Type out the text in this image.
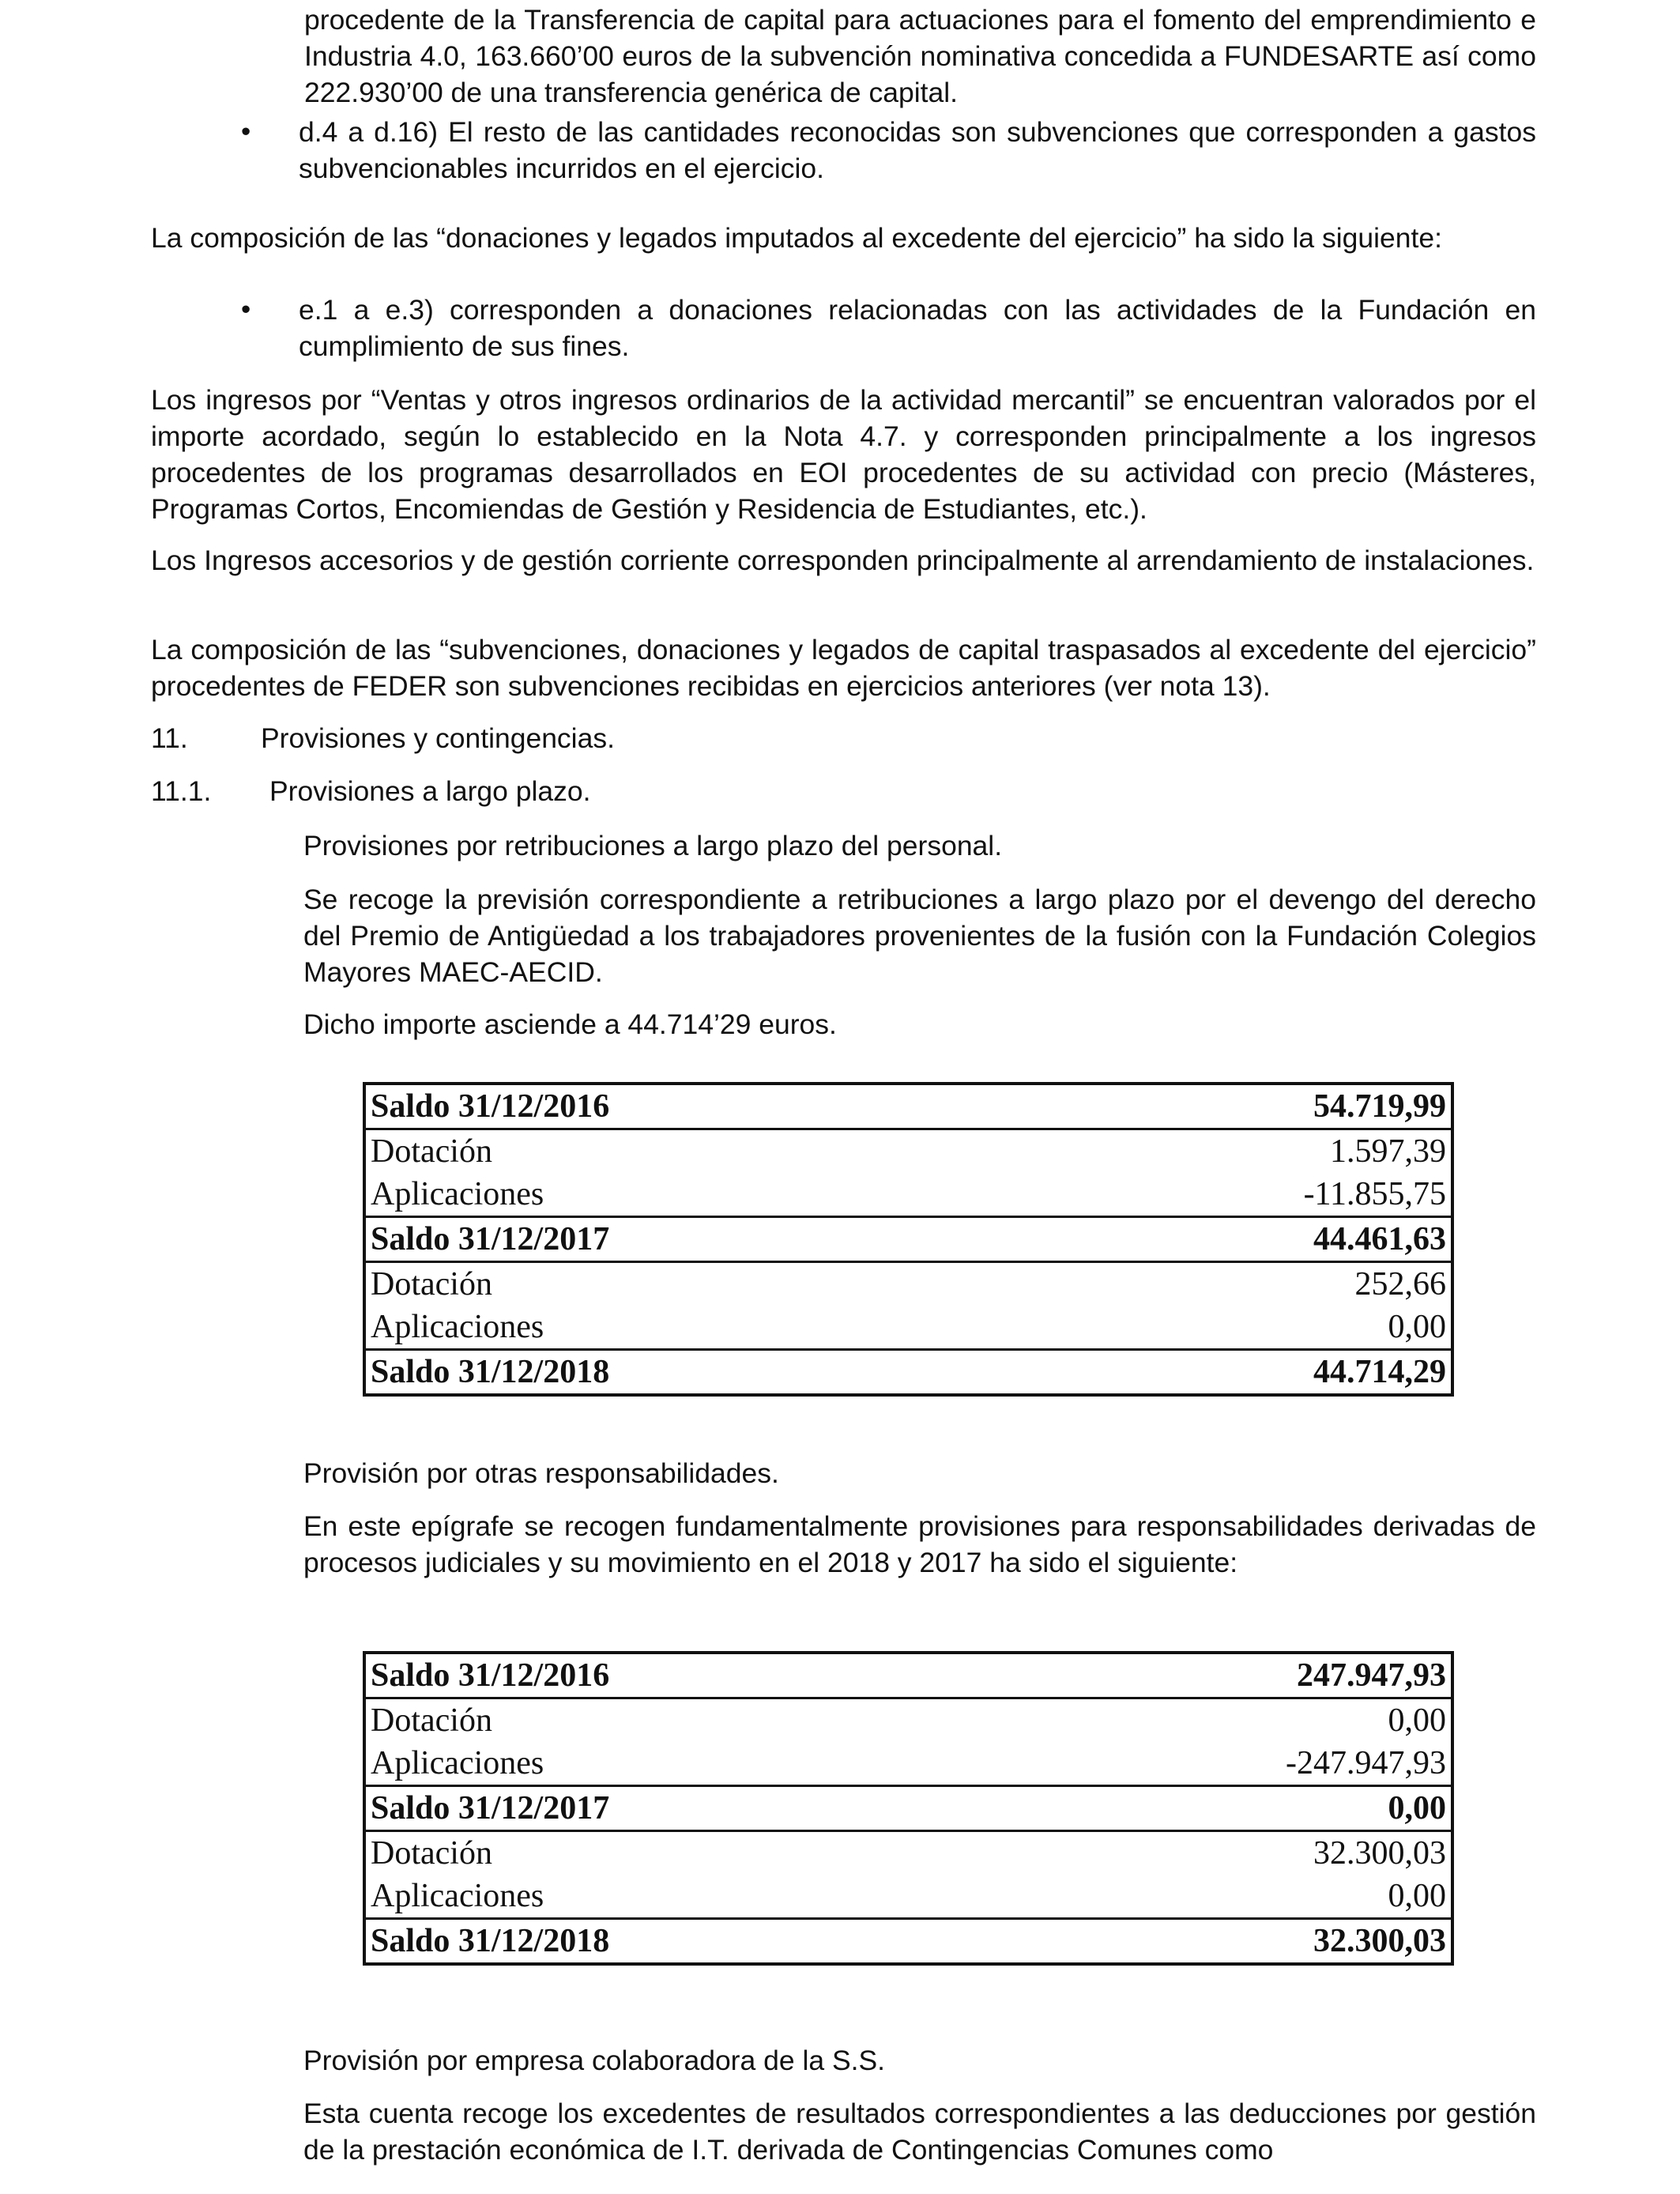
procedente de la Transferencia de capital para actuaciones para el fomento del emprendimiento e Industria 4.0, 163.660’00 euros de la subvención nominativa concedida a FUNDESARTE así como 222.930’00 de una transferencia genérica de capital.

• d.4 a d.16) El resto de las cantidades reconocidas son subvenciones que corresponden a gastos subvencionables incurridos en el ejercicio.

La composición de las “donaciones y legados imputados al excedente del ejercicio” ha sido la siguiente:

• e.1 a e.3) corresponden a donaciones relacionadas con las actividades de la Fundación en cumplimiento de sus fines.

Los ingresos por “Ventas y otros ingresos ordinarios de la actividad mercantil” se encuentran valorados por el importe acordado, según lo establecido en la Nota 4.7. y corresponden principalmente a los ingresos procedentes de los programas desarrollados en EOI procedentes de su actividad con precio (Másteres, Programas Cortos, Encomiendas de Gestión y Residencia de Estudiantes, etc.).

Los Ingresos accesorios y de gestión corriente corresponden principalmente al arrendamiento de instalaciones.

La composición de las “subvenciones, donaciones y legados de capital traspasados al excedente del ejercicio” procedentes de FEDER son subvenciones recibidas en ejercicios anteriores (ver nota 13).

11.	Provisiones y contingencias.
11.1. Provisiones a largo plazo.

Provisiones por retribuciones a largo plazo del personal.

Se recoge la previsión correspondiente a retribuciones a largo plazo por el devengo del derecho del Premio de Antigüedad a los trabajadores provenientes de la fusión con la Fundación Colegios Mayores MAEC-AECID.

Dicho importe asciende a 44.714’29 euros.

Saldo 31/12/2016	54.719,99
Dotación	1.597,39
Aplicaciones	-11.855,75
Saldo 31/12/2017	44.461,63
Dotación	252,66
Aplicaciones	0,00
Saldo 31/12/2018	44.714,29

Provisión por otras responsabilidades.

En este epígrafe se recogen fundamentalmente provisiones para responsabilidades derivadas de procesos judiciales y su movimiento en el 2018 y 2017 ha sido el siguiente:

Saldo 31/12/2016	247.947,93
Dotación	0,00
Aplicaciones	-247.947,93
Saldo 31/12/2017	0,00
Dotación	32.300,03
Aplicaciones	0,00
Saldo 31/12/2018	32.300,03

Provisión por empresa colaboradora de la S.S.

Esta cuenta recoge los excedentes de resultados correspondientes a las deducciones por gestión de la prestación económica de I.T. derivada de Contingencias Comunes como
